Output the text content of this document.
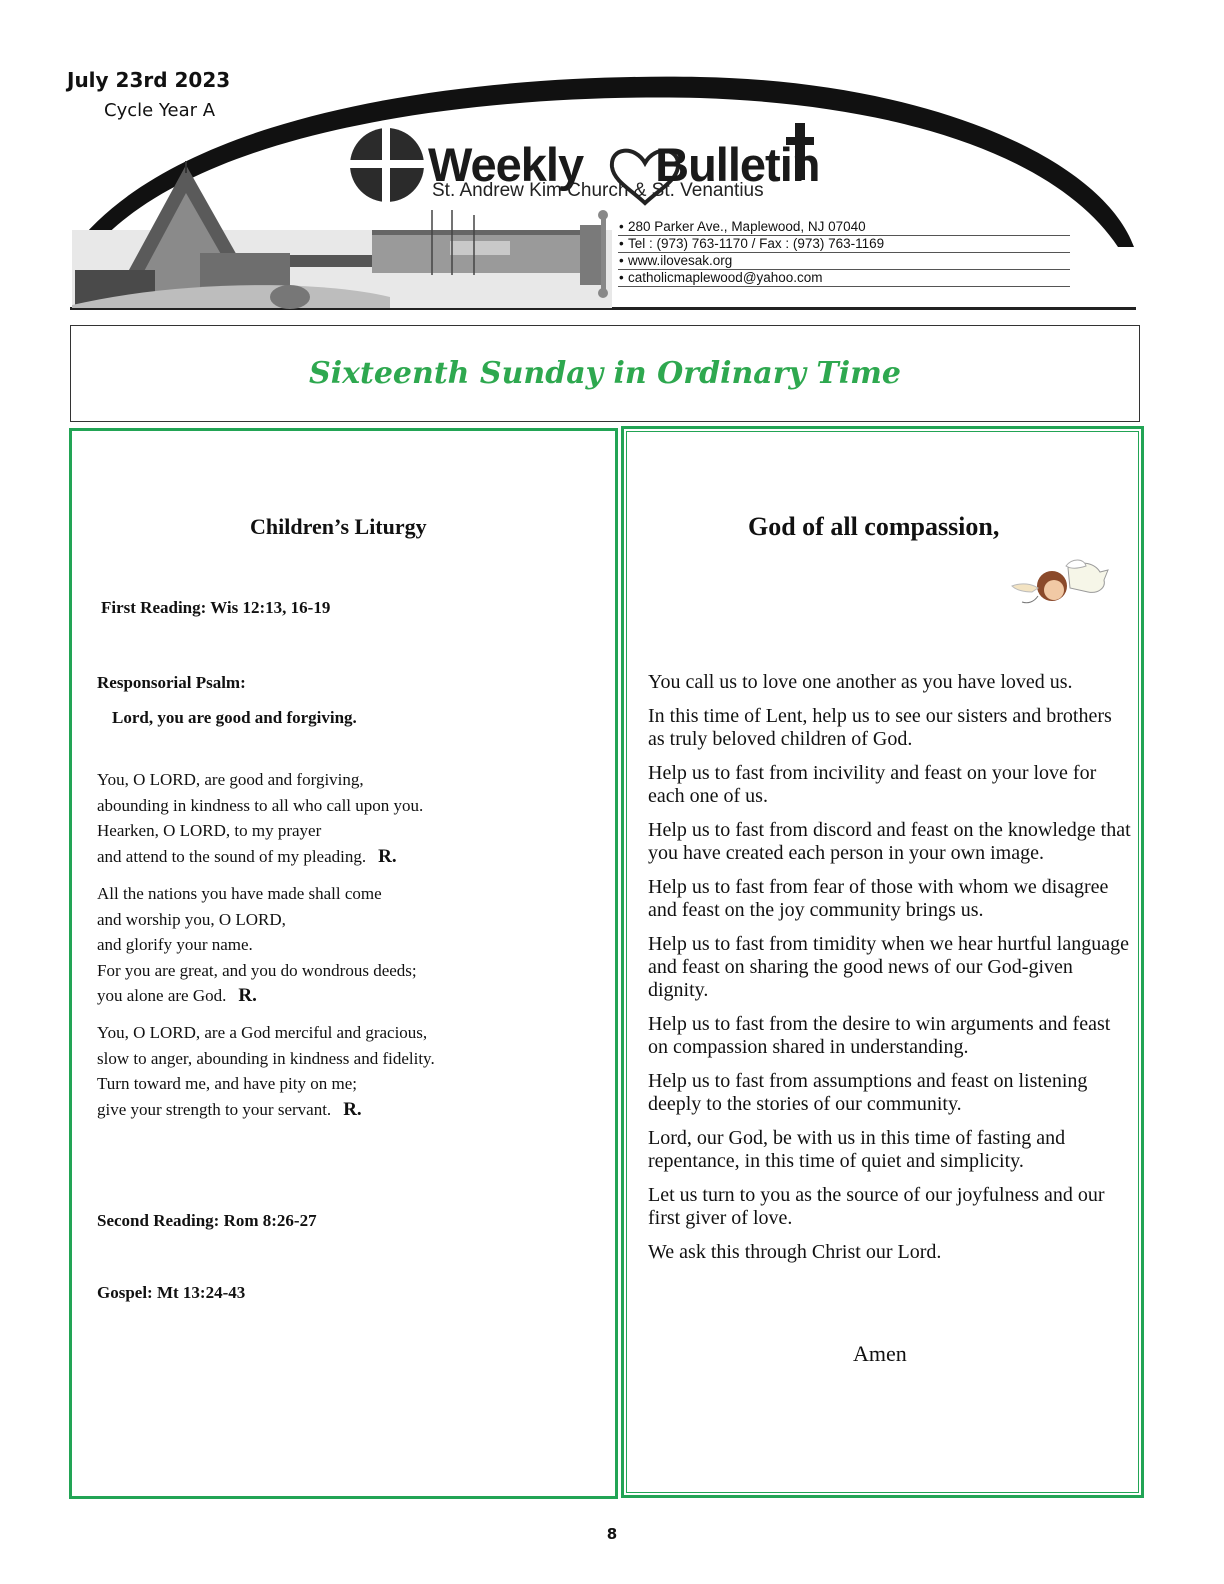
July 23rd 2023
Cycle Year A
Weekly Bulletin
St. Andrew Kim Church & St. Venantius
• 280 Parker Ave., Maplewood, NJ 07040
• Tel : (973) 763-1170 / Fax : (973) 763-1169
• www.ilovesak.org
• catholicmaplewood@yahoo.com
Sixteenth Sunday in Ordinary Time
Children’s Liturgy
First Reading: Wis 12:13, 16-19
Responsorial Psalm:
Lord, you are good and forgiving.
You, O LORD, are good and forgiving,
abounding in kindness to all who call upon you.
Hearken, O LORD, to my prayer
and attend to the sound of my pleading. R.
All the nations you have made shall come
and worship you, O LORD,
and glorify your name.
For you are great, and you do wondrous deeds;
you alone are God. R.
You, O LORD, are a God merciful and gracious,
slow to anger, abounding in kindness and fidelity.
Turn toward me, and have pity on me;
give your strength to your servant. R.
Second Reading: Rom 8:26-27
Gospel: Mt 13:24-43
God of all compassion,

You call us to love one another as you have loved us.

In this time of Lent, help us to see our sisters and brothers as truly beloved children of God.

Help us to fast from incivility and feast on your love for each one of us.

Help us to fast from discord and feast on the knowledge that you have created each person in your own image.

Help us to fast from fear of those with whom we disagree and feast on the joy community brings us.

Help us to fast from timidity when we hear hurtful language and feast on sharing the good news of our God-given dignity.

Help us to fast from the desire to win arguments and feast on compassion shared in understanding.

Help us to fast from assumptions and feast on listening deeply to the stories of our community.

Lord, our God, be with us in this time of fasting and repentance, in this time of quiet and simplicity.

Let us turn to you as the source of our joyfulness and our first giver of love.

We ask this through Christ our Lord.

Amen
8
